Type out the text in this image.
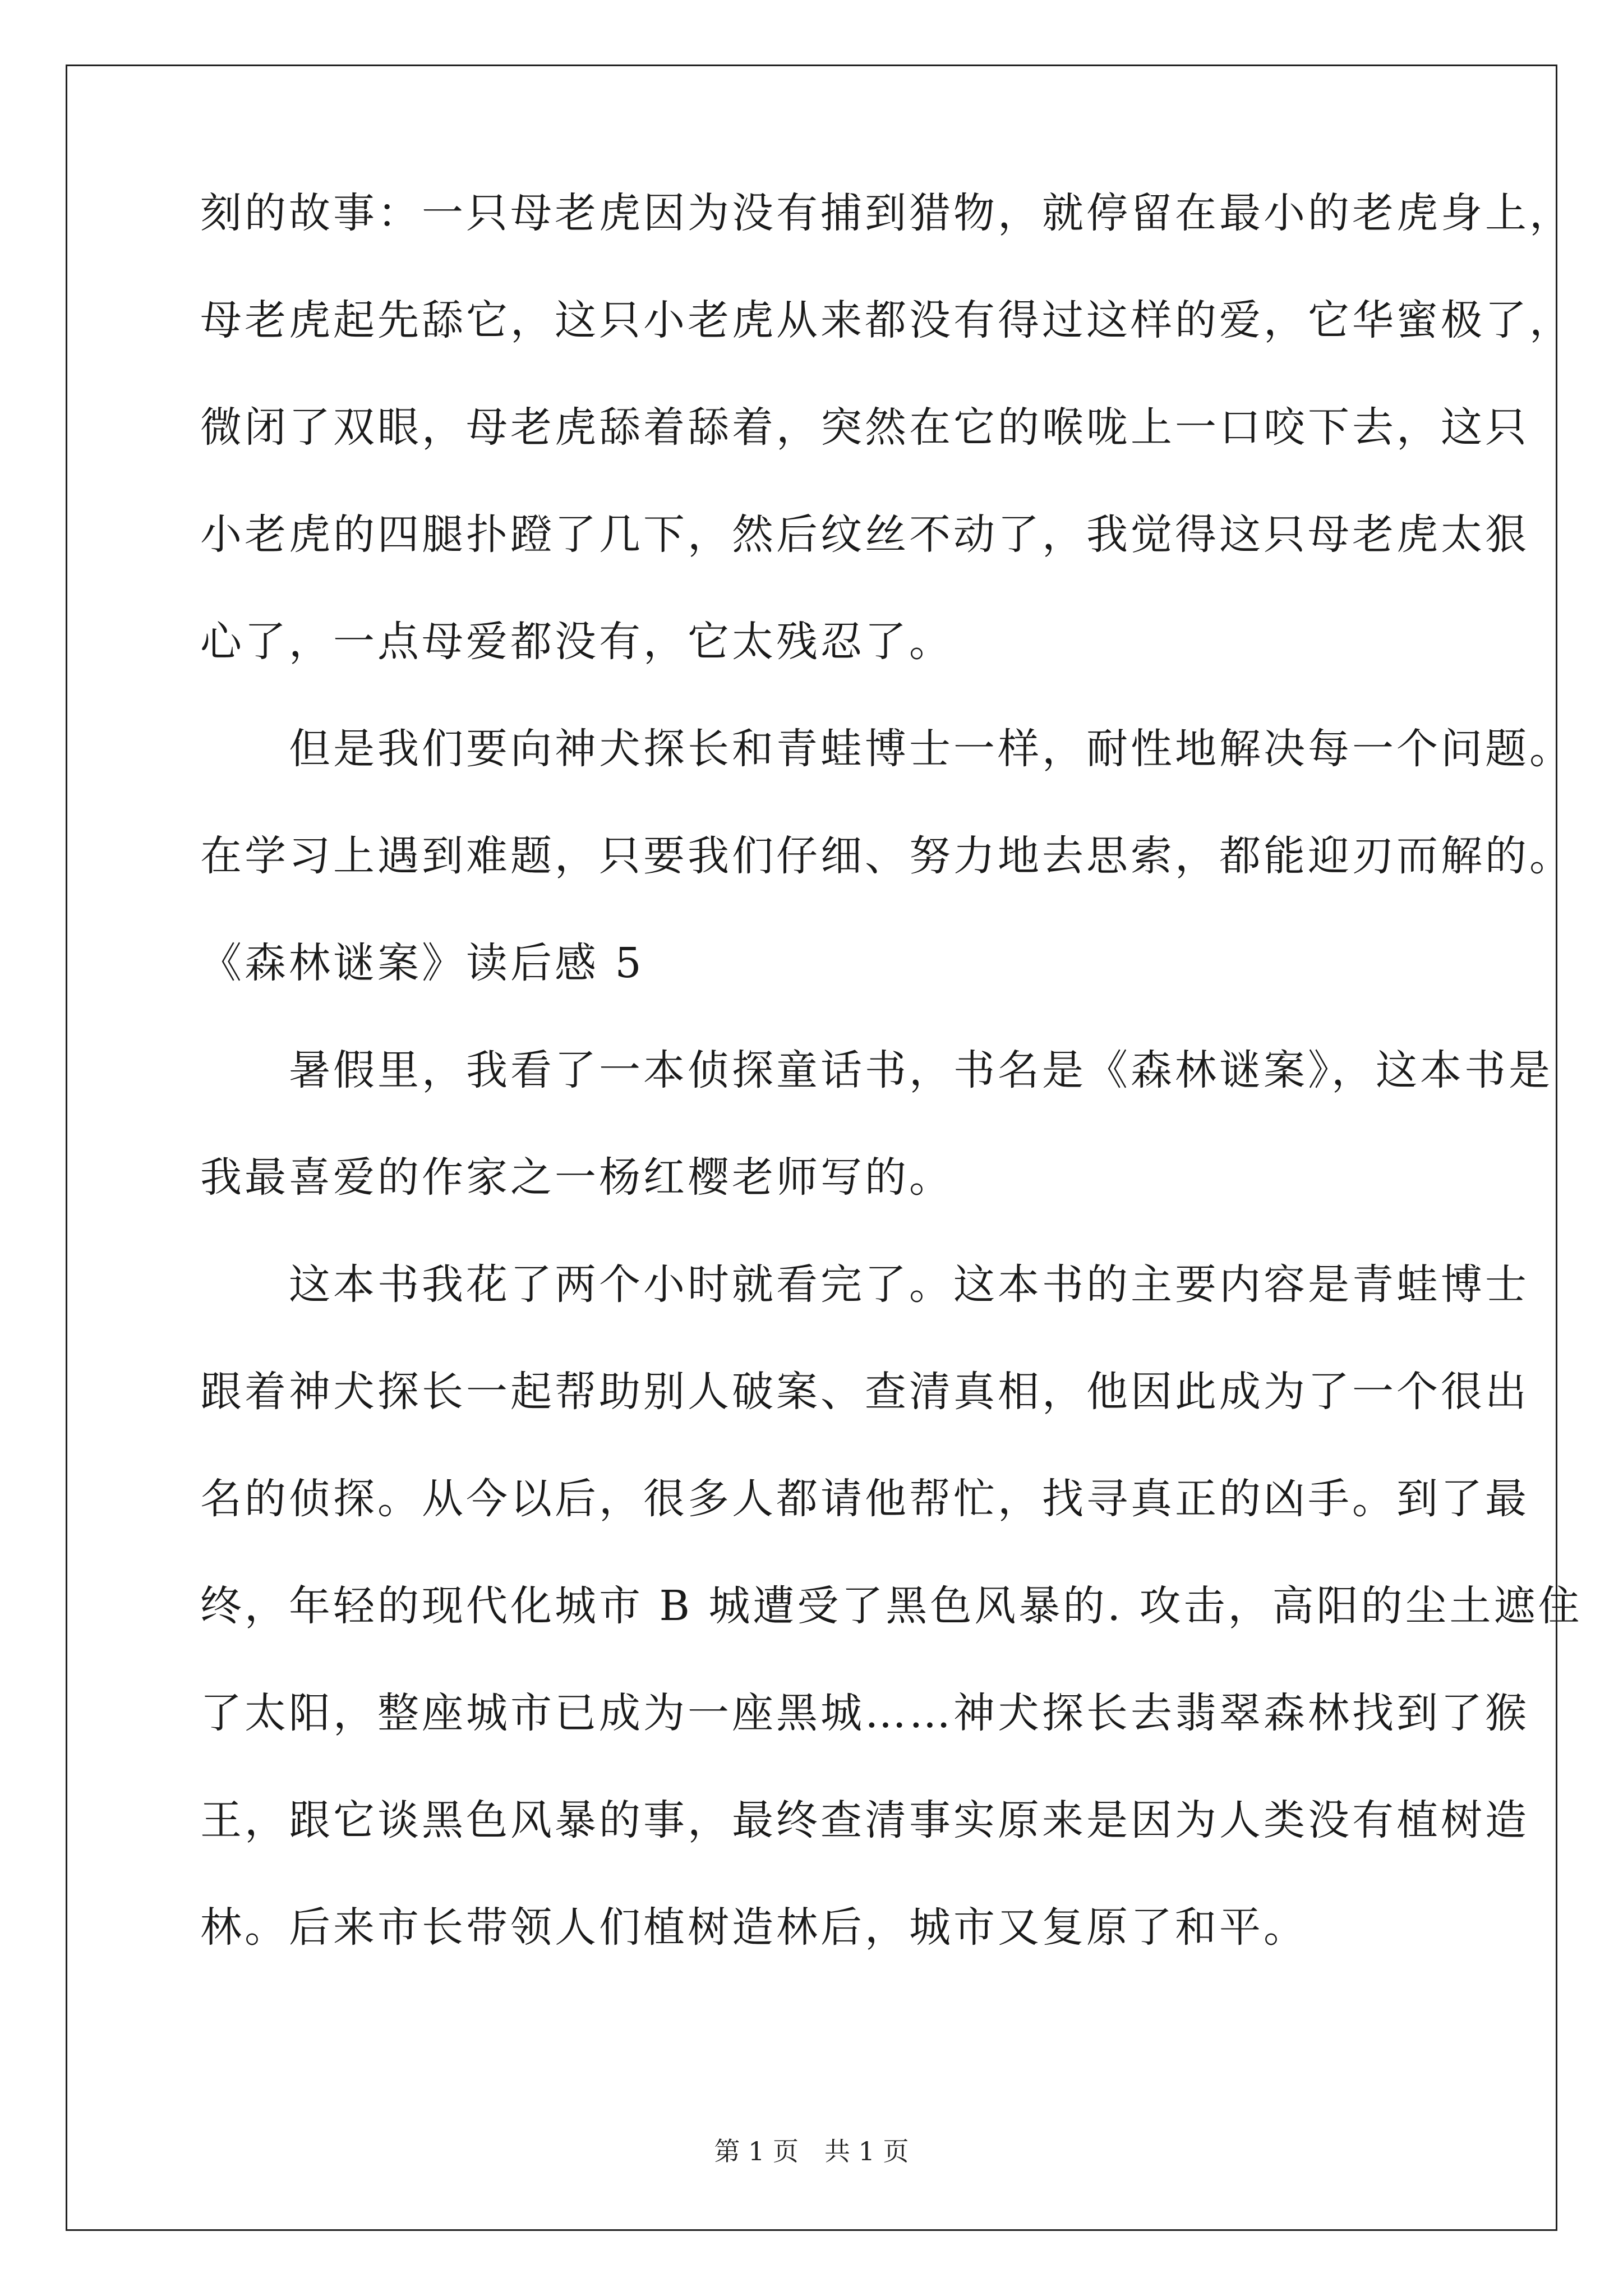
刻的故事：一只母老虎因为没有捕到猎物，就停留在最小的老虎身上，
母老虎起先舔它，这只小老虎从来都没有得过这样的爱，它华蜜极了，
微闭了双眼，母老虎舔着舔着，突然在它的喉咙上一口咬下去，这只
小老虎的四腿扑蹬了几下，然后纹丝不动了，我觉得这只母老虎太狠
心了，一点母爱都没有，它太残忍了。
　　但是我们要向神犬探长和青蛙博士一样，耐性地解决每一个问题。
在学习上遇到难题，只要我们仔细、努力地去思索，都能迎刃而解的。
《森林谜案》读后感 5
　　暑假里，我看了一本侦探童话书，书名是《森林谜案》，这本书是
我最喜爱的作家之一杨红樱老师写的。
　　这本书我花了两个小时就看完了。这本书的主要内容是青蛙博士
跟着神犬探长一起帮助别人破案、查清真相，他因此成为了一个很出
名的侦探。从今以后，很多人都请他帮忙，找寻真正的凶手。到了最
终，年轻的现代化城市 B 城遭受了黑色风暴的. 攻击，高阳的尘土遮住
了太阳，整座城市已成为一座黑城……神犬探长去翡翠森林找到了猴
王，跟它谈黑色风暴的事，最终查清事实原来是因为人类没有植树造
林。后来市长带领人们植树造林后，城市又复原了和平。
第 1 页　共 1 页
